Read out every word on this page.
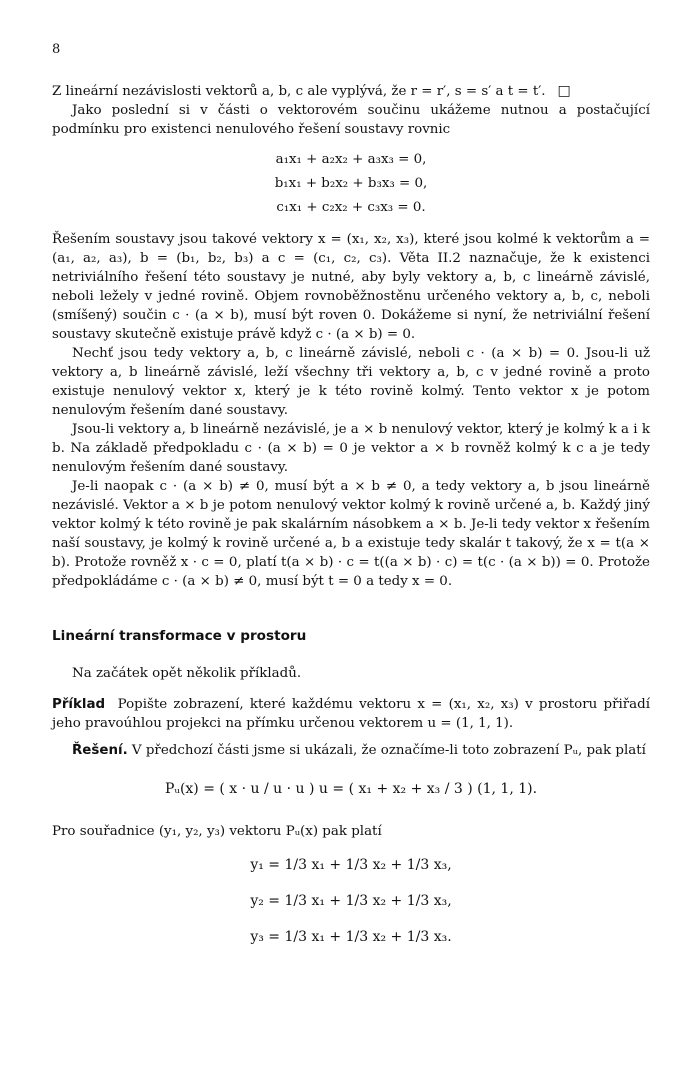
8

Z lineární nezávislosti vektorů a, b, c ale vyplývá, že r = r′, s = s′ a t = t′. □

Jako poslední si v části o vektorovém součinu ukážeme nutnou a postačující podmínku pro existenci nenulového řešení soustavy rovnic

a₁x₁ + a₂x₂ + a₃x₃ = 0,
b₁x₁ + b₂x₂ + b₃x₃ = 0,
c₁x₁ + c₂x₂ + c₃x₃ = 0.

Řešením soustavy jsou takové vektory x = (x₁, x₂, x₃), které jsou kolmé k vektorům a = (a₁, a₂, a₃), b = (b₁, b₂, b₃) a c = (c₁, c₂, c₃). Věta II.2 naznačuje, že k existenci netriviálního řešení této soustavy je nutné, aby byly vektory a, b, c lineárně závislé, neboli ležely v jedné rovině. Objem rovnoběžnostěnu určeného vektory a, b, c, neboli (smíšený) součin c · (a × b), musí být roven 0. Dokážeme si nyní, že netriviální řešení soustavy skutečně existuje právě když c · (a × b) = 0.

Nechť jsou tedy vektory a, b, c lineárně závislé, neboli c · (a × b) = 0. Jsou-li už vektory a, b lineárně závislé, leží všechny tři vektory a, b, c v jedné rovině a proto existuje nenulový vektor x, který je k této rovině kolmý. Tento vektor x je potom nenulovým řešením dané soustavy.

Jsou-li vektory a, b lineárně nezávislé, je a × b nenulový vektor, který je kolmý k a i k b. Na základě předpokladu c · (a × b) = 0 je vektor a × b rovněž kolmý k c a je tedy nenulovým řešením dané soustavy.

Je-li naopak c · (a × b) ≠ 0, musí být a × b ≠ 0, a tedy vektory a, b jsou lineárně nezávislé. Vektor a × b je potom nenulový vektor kolmý k rovině určené a, b. Každý jiný vektor kolmý k této rovině je pak skalárním násobkem a × b. Je-li tedy vektor x řešením naší soustavy, je kolmý k rovině určené a, b a existuje tedy skalár t takový, že x = t(a × b). Protože rovněž x · c = 0, platí t(a × b) · c = t((a × b) · c) = t(c · (a × b)) = 0. Protože předpokládáme c · (a × b) ≠ 0, musí být t = 0 a tedy x = 0.

Lineární transformace v prostoru

Na začátek opět několik příkladů.

Příklad Popište zobrazení, které každému vektoru x = (x₁, x₂, x₃) v prostoru přiřadí jeho pravoúhlou projekci na přímku určenou vektorem u = (1, 1, 1).

Řešení. V předchozí části jsme si ukázali, že označíme-li toto zobrazení Pᵤ, pak platí

Pᵤ(x) = ( x · u / u · u ) u = ( x₁ + x₂ + x₃ / 3 ) (1, 1, 1).

Pro souřadnice (y₁, y₂, y₃) vektoru Pᵤ(x) pak platí

y₁ = 1/3 x₁ + 1/3 x₂ + 1/3 x₃,
y₂ = 1/3 x₁ + 1/3 x₂ + 1/3 x₃,
y₃ = 1/3 x₁ + 1/3 x₂ + 1/3 x₃.
